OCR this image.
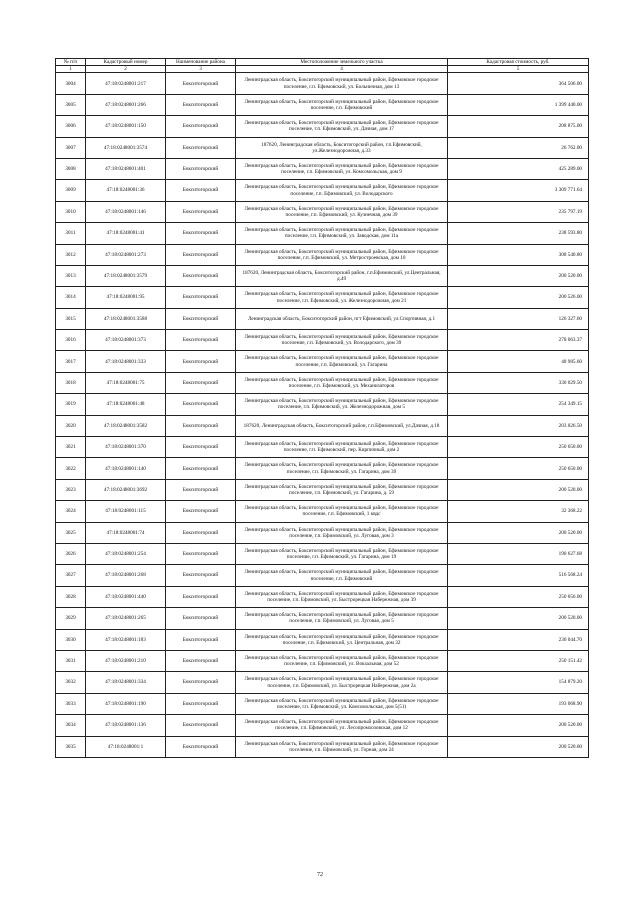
№ п/п	Кадастровый номер	Наименование района	Местоположение земельного участка	Кадастровая стоимость, руб.
1	2	3	4	5
3004	47:18:0248001:217	Бокситогорский	Ленинградская область, Бокситогорский муниципальный район, Ефимовское городское поселение, г.п. Ефимовский, ул. Больничная, дом 13	364 506.00
3005	47:18:0248001:266	Бокситогорский	Ленинградская область, Бокситогорский муниципальный район, Ефимовское городское поселение, г.п. Ефимовский	1 399 440.00
3006	47:18:0248001:150	Бокситогорский	Ленинградская область, Бокситогорский муниципальный район, Ефимовское городское поселение, г.п. Ефимовский, ул. Дачная, дом 17	208 875.00
3007	47:18:0248001:3574	Бокситогорский	187620, Ленинградская область, Бокситогорский район, г.п.Ефимовский, ул.Железнодорожная, д.33	26 762.00
3008	47:18:0248001:401	Бокситогорский	Ленинградская область, Бокситогорский муниципальный район, Ефимовское городское поселение, г.п. Ефимовский, ул. Комсомольская, дом 9	425 289.00
3009	47:18:0248001:36	Бокситогорский	Ленинградская область, Бокситогорский муниципальный район, Ефимовское городское поселение, г.п. Ефимовский, ул. Володарского	3 309 771.64
3010	47:18:0248001:146	Бокситогорский	Ленинградская область, Бокситогорский муниципальный район, Ефимовское городское поселение, г.п. Ефимовский, ул. Кузнечная, дом 39	235 797.19
3011	47:18:0248001:41	Бокситогорский	Ленинградская область, Бокситогорский муниципальный район, Ефимовское городское поселение, г.п. Ефимовский, ул. Заводская, дом 11а	238 593.80
3012	47:18:0248001:273	Бокситогорский	Ленинградская область, Бокситогорский муниципальный район, Ефимовское городское поселение, г.п. Ефимовский, ул. Метростроевская, дом 10	308 540.80
3013	47:18:0248001:3579	Бокситогорский	187620, Ленинградская область, Бокситогорский район, г.п.Ефимовский, ул.Центральная, д.49	200 520.00
3014	47:18:0248001:95	Бокситогорский	Ленинградская область, Бокситогорский муниципальный район, Ефимовское городское поселение, г.п. Ефимовский, ул. Железнодорожная, дом 21	200 526.00
3015	47:18:0248001:3588	Бокситогорский	Ленинградская область, Бокситогорский район, пгт Ефимовский, ул.Спортивная, д.1	126 327.60
3016	47:18:0248001:373	Бокситогорский	Ленинградская область, Бокситогорский муниципальный район, Ефимовское городское поселение, г.п. Ефимовский, ул. Володарского, дом 39	278 063.37
3017	47:18:0248001:333	Бокситогорский	Ленинградская область, Бокситогорский муниципальный район, Ефимовское городское поселение, г.п. Ефимовский, ул. Гагарина	48 985.60
3018	47:18:0248001:75	Бокситогорский	Ленинградская область, Бокситогорский муниципальный район, Ефимовское городское поселение, г.п. Ефимовский, ул. Механизаторов	330 029.50
3019	47:18:0248001:48	Бокситогорский	Ленинградская область, Бокситогорский муниципальный район, Ефимовское городское поселение, г.п. Ефимовский, ул. Железнодорожная, дом 5	254 349.15
3020	47:18:0248001:3582	Бокситогорский	187620, Ленинградская область, Бокситогорский район, г.п.Ефимовский, ул.Дачная, д.18	203 026.50
3021	47:18:0248001:370	Бокситогорский	Ленинградская область, Бокситогорский муниципальный район, Ефимовское городское поселение, г.п. Ефимовский, пер. Кирпичный, дом 2	250 650.00
3022	47:18:0248001:140	Бокситогорский	Ленинградская область, Бокситогорский муниципальный район, Ефимовское городское поселение, г.п. Ефимовский, ул. Гагарина, дом 39	250 650.00
3023	47:18:0248001:3692	Бокситогорский	Ленинградская область, Бокситогорский муниципальный район, Ефимовское городское поселение, г.п. Ефимовский, ул. Гагарина, д. 59	200 520.00
3024	47:18:0248001:115	Бокситогорский	Ленинградская область, Бокситогорский муниципальный район, Ефимовское городское поселение, г.п. Ефимовский, 1 квдс	32 368.22
3025	47:18:0248001:74	Бокситогорский	Ленинградская область, Бокситогорский муниципальный район, Ефимовское городское поселение, г.п. Ефимовский, ул. Луговая, дом 3	200 520.00
3026	47:18:0248001:254	Бокситогорский	Ленинградская область, Бокситогорский муниципальный район, Ефимовское городское поселение, г.п. Ефимовский, ул. Гагарина, дом 19	190 627.68
3027	47:18:0248001:268	Бокситогорский	Ленинградская область, Бокситогорский муниципальный район, Ефимовское городское поселение, г.п. Ефимовский	516 568.24
3028	47:18:0248001:440	Бокситогорский	Ленинградская область, Бокситогорский муниципальный район, Ефимовское городское поселение, г.п. Ефимовский, ул. Быстрорецкая Набережная, дом 39	250 656.00
3029	47:18:0248001:265	Бокситогорский	Ленинградская область, Бокситогорский муниципальный район, Ефимовское городское поселение, г.п. Ефимовский, ул. Луговая, дом 5	200 520.00
3030	47:18:0248001:183	Бокситогорский	Ленинградская область, Бокситогорский муниципальный район, Ефимовское городское поселение, г.п. Ефимовский, ул. Центральная, дом 32	230 044.70
3031	47:18:0248001:210	Бокситогорский	Ленинградская область, Бокситогорский муниципальный район, Ефимовское городское поселение, г.п. Ефимовский, ул. Вокзальная, дом 52	250 151.42
3032	47:18:0248001:334	Бокситогорский	Ленинградская область, Бокситогорский муниципальный район, Ефимовское городское поселение, г.п. Ефимовский, ул. Быстрорецкая Набережная, дом 2а	154 879.20
3033	47:18:0248001:190	Бокситогорский	Ленинградская область, Бокситогорский муниципальный район, Ефимовское городское поселение, г.п. Ефимовский, ул. Комсомольская, дом 5(51)	193 068.90
3034	47:18:0248001:136	Бокситогорский	Ленинградская область, Бокситогорский муниципальный район, Ефимовское городское поселение, г.п. Ефимовский, ул. Лесопромхозовская, дом 12	200 520.00
3035	47:18:0248001:1	Бокситогорский	Ленинградская область, Бокситогорский муниципальный район, Ефимовское городское поселение, г.п. Ефимовский, ул. Горная, дом 24	200 520.00
72
